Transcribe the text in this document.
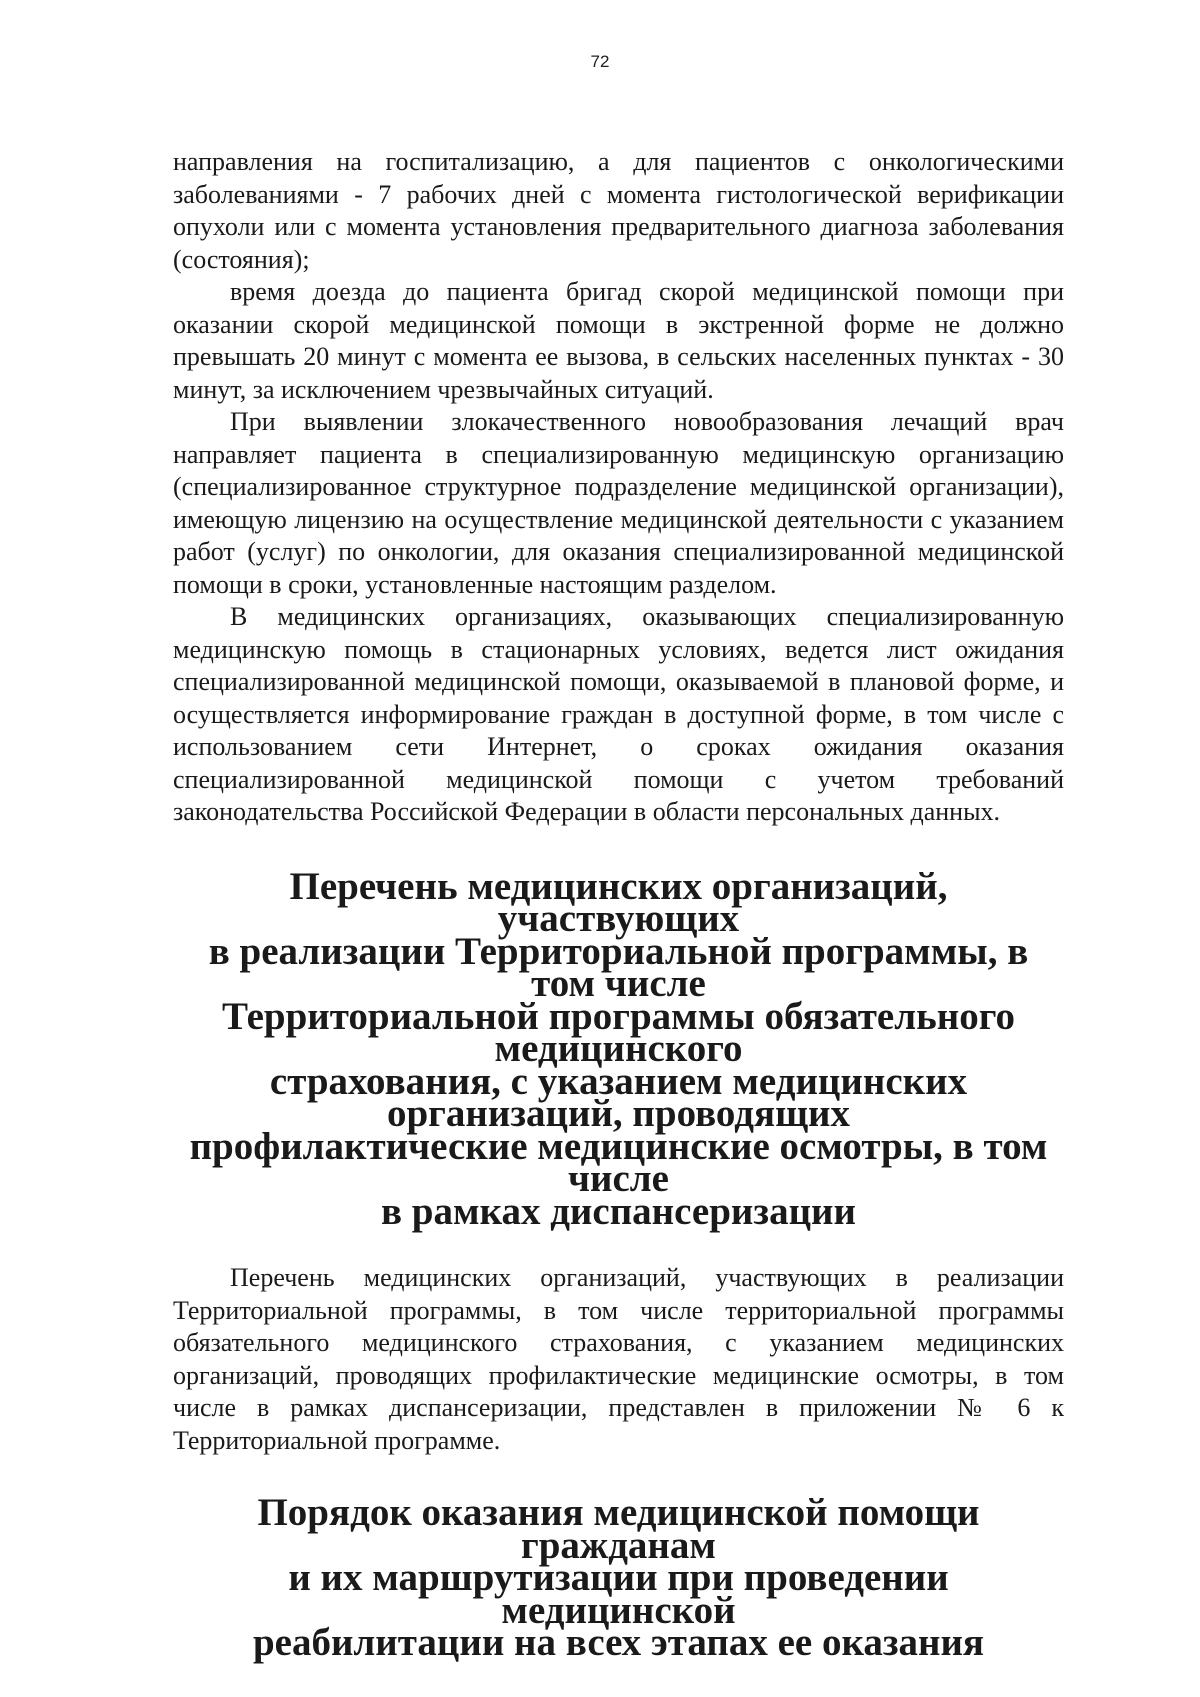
72

направления на госпитализацию, а для пациентов с онкологическими заболеваниями - 7 рабочих дней с момента гистологической верификации опухоли или с момента установления предварительного диагноза заболевания (состояния);

время доезда до пациента бригад скорой медицинской помощи при оказании скорой медицинской помощи в экстренной форме не должно превышать 20 минут с момента ее вызова, в сельских населенных пунктах - 30 минут, за исключением чрезвычайных ситуаций.

При выявлении злокачественного новообразования лечащий врач направляет пациента в специализированную медицинскую организацию (специализированное структурное подразделение медицинской организации), имеющую лицензию на осуществление медицинской деятельности с указанием работ (услуг) по онкологии, для оказания специализированной медицинской помощи в сроки, установленные настоящим разделом.

В медицинских организациях, оказывающих специализированную медицинскую помощь в стационарных условиях, ведется лист ожидания специализированной медицинской помощи, оказываемой в плановой форме, и осуществляется информирование граждан в доступной форме, в том числе с использованием сети Интернет, о сроках ожидания оказания специализированной медицинской помощи с учетом требований законодательства Российской Федерации в области персональных данных.

Перечень медицинских организаций, участвующих
в реализации Территориальной программы, в том числе
Территориальной программы обязательного медицинского
страхования, с указанием медицинских организаций, проводящих
профилактические медицинские осмотры, в том числе
в рамках диспансеризации

Перечень медицинских организаций, участвующих в реализации Территориальной программы, в том числе территориальной программы обязательного медицинского страхования, с указанием медицинских организаций, проводящих профилактические медицинские осмотры, в том числе в рамках диспансеризации, представлен в приложении № 6 к Территориальной программе.

Порядок оказания медицинской помощи гражданам
и их маршрутизации при проведении медицинской
реабилитации на всех этапах ее оказания
